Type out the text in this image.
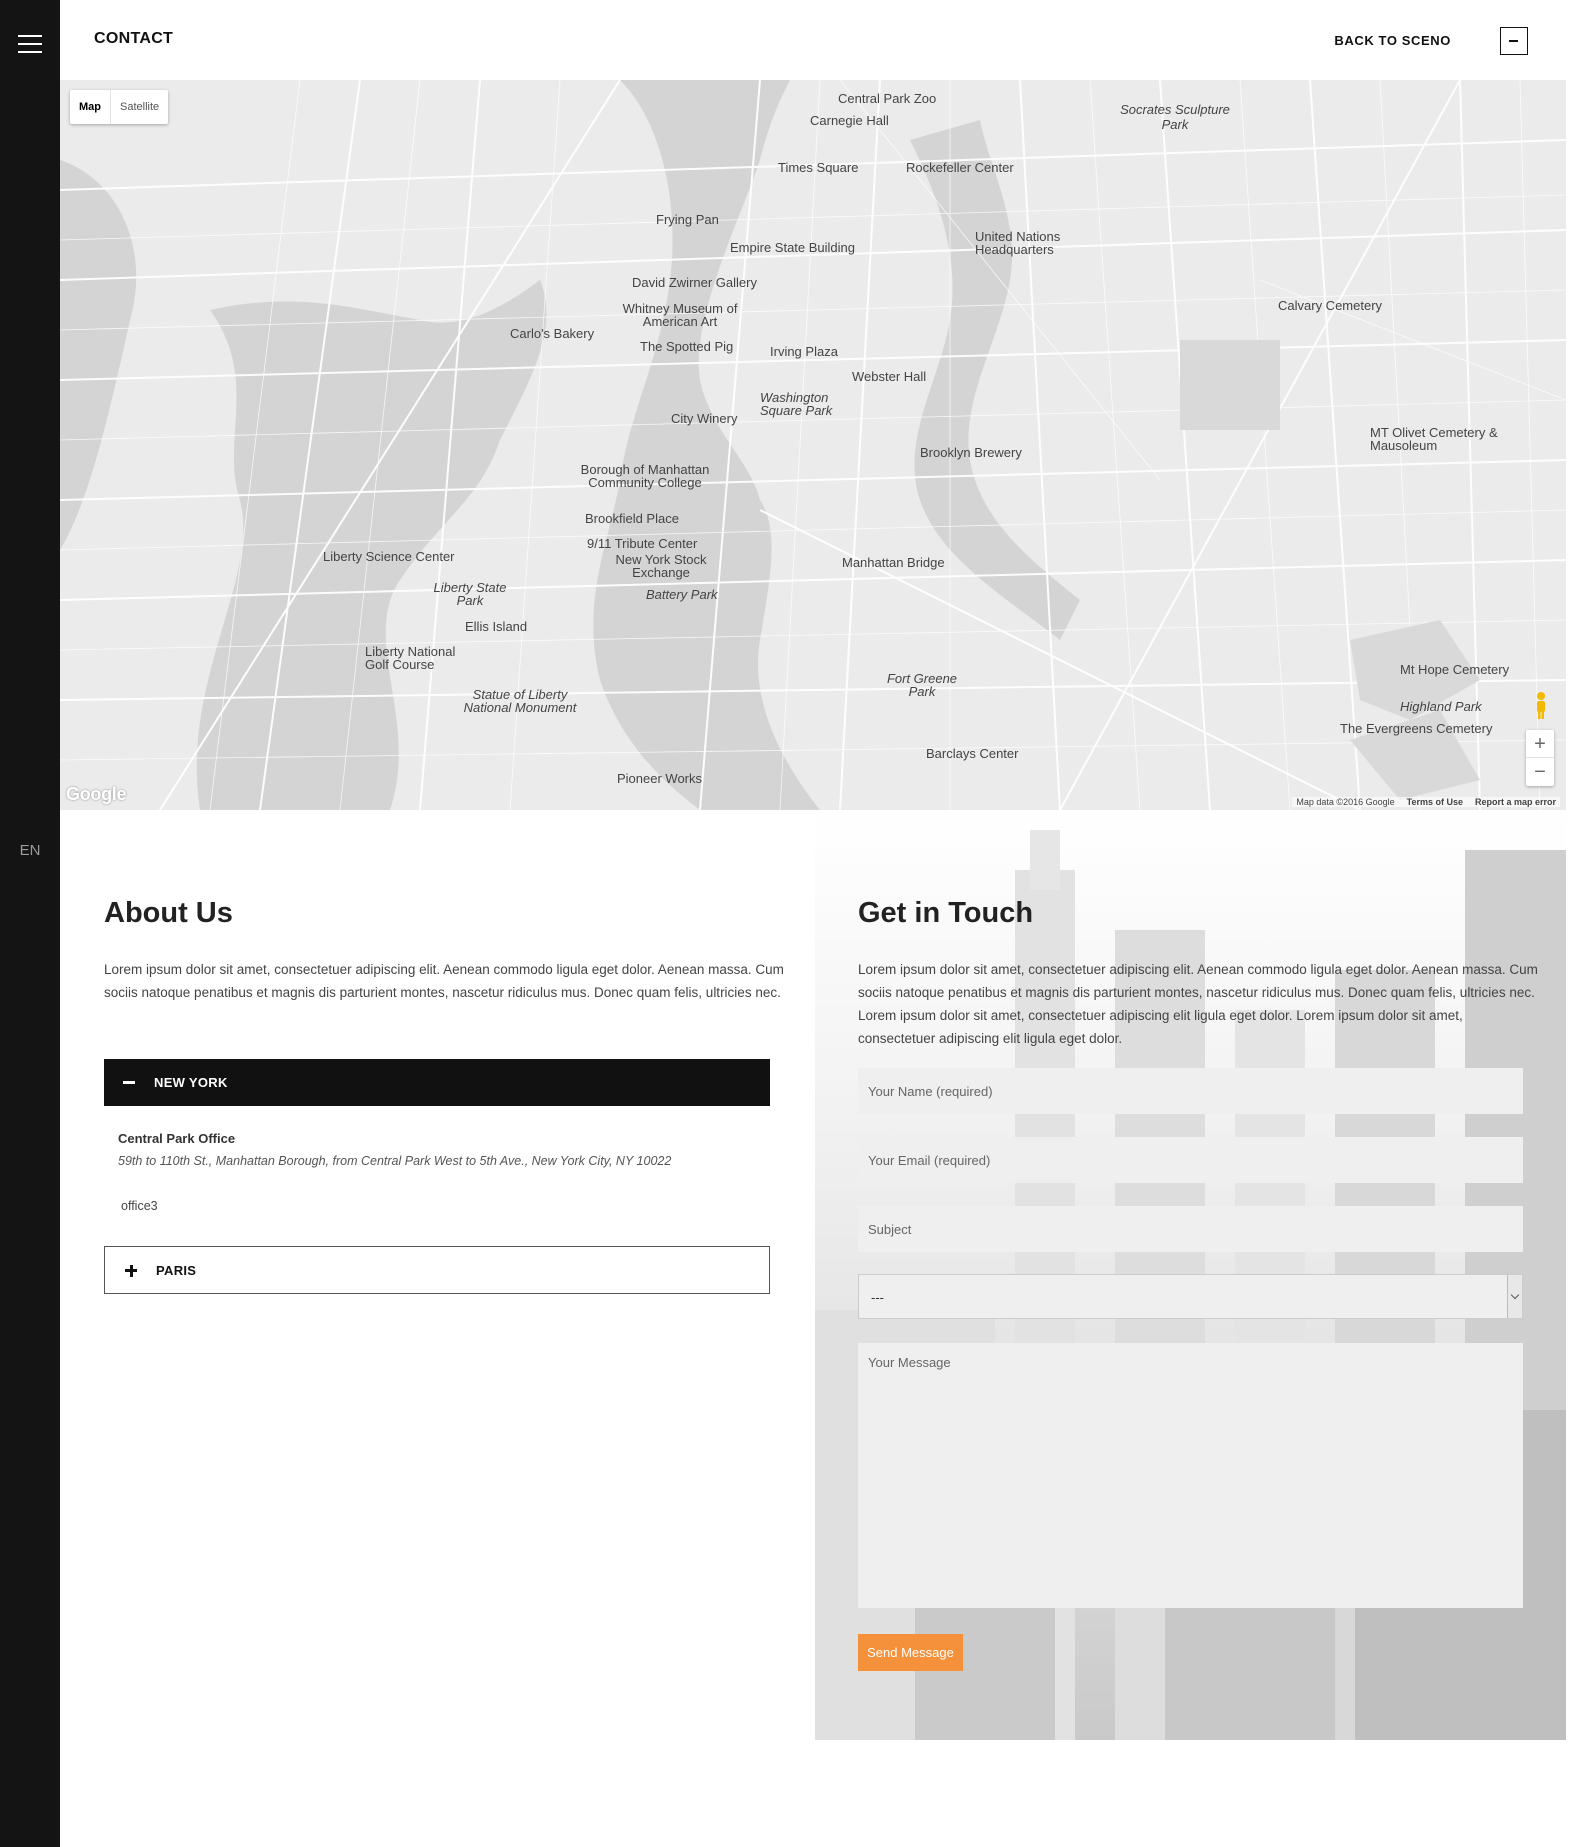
EN
CONTACT	BACK TO SCENO
Map	Satellite
Central Park Zoo
Carnegie Hall
Socrates Sculpture Park
Times Square	Rockefeller Center
Frying Pan
Empire State Building
United Nations Headquarters
David Zwirner Gallery
Whitney Museum of American Art
Calvary Cemetery
Carlo's Bakery
The Spotted Pig	Irving Plaza
Webster Hall
Washington Square Park
City Winery
MT Olivet Cemetery & Mausoleum
Brooklyn Brewery
Borough of Manhattan Community College
Brookfield Place
9/11 Tribute Center
New York Stock Exchange
Manhattan Bridge
Liberty Science Center
Liberty State Park	Battery Park
Ellis Island
Liberty National Golf Course
Statue of Liberty National Monument
Fort Greene Park
Mt Hope Cemetery
Highland Park
The Evergreens Cemetery
Barclays Center
Pioneer Works
+
−
Google	Map data ©2016 Google Terms of Use Report a map error
About Us

Lorem ipsum dolor sit amet, consectetuer adipiscing elit. Aenean commodo ligula eget dolor. Aenean massa. Cum sociis natoque penatibus et magnis dis parturient montes, nascetur ridiculus mus. Donec quam felis, ultricies nec.

NEW YORK
Central Park Office
59th to 110th St., Manhattan Borough, from Central Park West to 5th Ave., New York City, NY 10022
office3
PARIS
Get in Touch

Lorem ipsum dolor sit amet, consectetuer adipiscing elit. Aenean commodo ligula eget dolor. Aenean massa. Cum sociis natoque penatibus et magnis dis parturient montes, nascetur ridiculus mus. Donec quam felis, ultricies nec. Lorem ipsum dolor sit amet, consectetuer adipiscing elit ligula eget dolor. Lorem ipsum dolor sit amet, consectetuer adipiscing elit ligula eget dolor.

Your Name (required)
Your Email (required)
Subject
---
Your Message
Send Message
